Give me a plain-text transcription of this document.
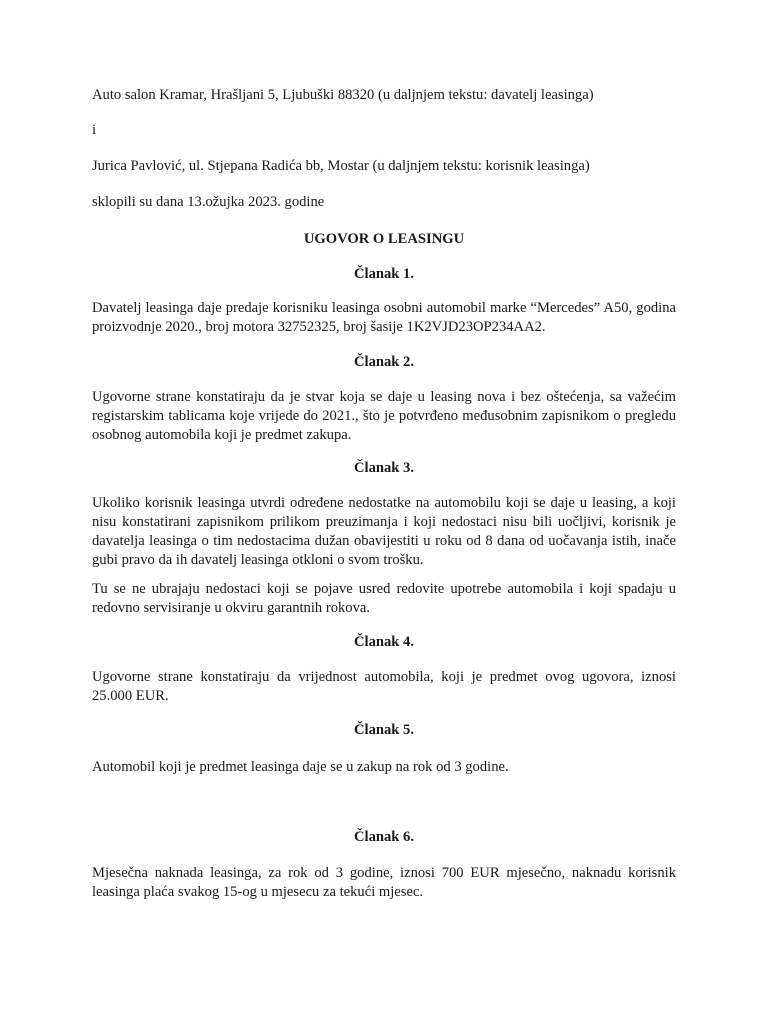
Auto salon Kramar, Hrašljani 5, Ljubuški 88320 (u daljnjem tekstu: davatelj leasinga)
i
Jurica Pavlović, ul. Stjepana Radića bb, Mostar (u daljnjem tekstu: korisnik leasinga)
sklopili su dana 13.ožujka 2023. godine
UGOVOR O LEASINGU
Članak 1.
Davatelj leasinga daje predaje korisniku leasinga osobni automobil marke “Mercedes” A50, godina proizvodnje 2020., broj motora 32752325, broj šasije 1K2VJD23OP234AA2.
Članak 2.
Ugovorne strane konstatiraju da je stvar koja se daje u leasing nova i bez oštećenja, sa važećim registarskim tablicama koje vrijede do 2021., što je potvrđeno međusobnim zapisnikom o pregledu osobnog automobila koji je predmet zakupa.
Članak 3.
Ukoliko korisnik leasinga utvrdi određene nedostatke na automobilu koji se daje u leasing, a koji nisu konstatirani zapisnikom prilikom preuzimanja i koji nedostaci nisu bili uočljivi, korisnik je davatelja leasinga o tim nedostacima dužan obavijestiti u roku od 8 dana od uočavanja istih, inače gubi pravo da ih davatelj leasinga otkloni o svom trošku.
Tu se ne ubrajaju nedostaci koji se pojave usred redovite upotrebe automobila i koji spadaju u redovno servisiranje u okviru garantnih rokova.
Članak 4.
Ugovorne strane konstatiraju da vrijednost automobila, koji je predmet ovog ugovora, iznosi 25.000 EUR.
Članak 5.
Automobil koji je predmet leasinga daje se u zakup na rok od 3 godine.
Članak 6.
Mjesečna naknada leasinga, za rok od 3 godine, iznosi 700 EUR mjesečno, naknadu korisnik leasinga plaća svakog 15-og u mjesecu za tekući mjesec.
